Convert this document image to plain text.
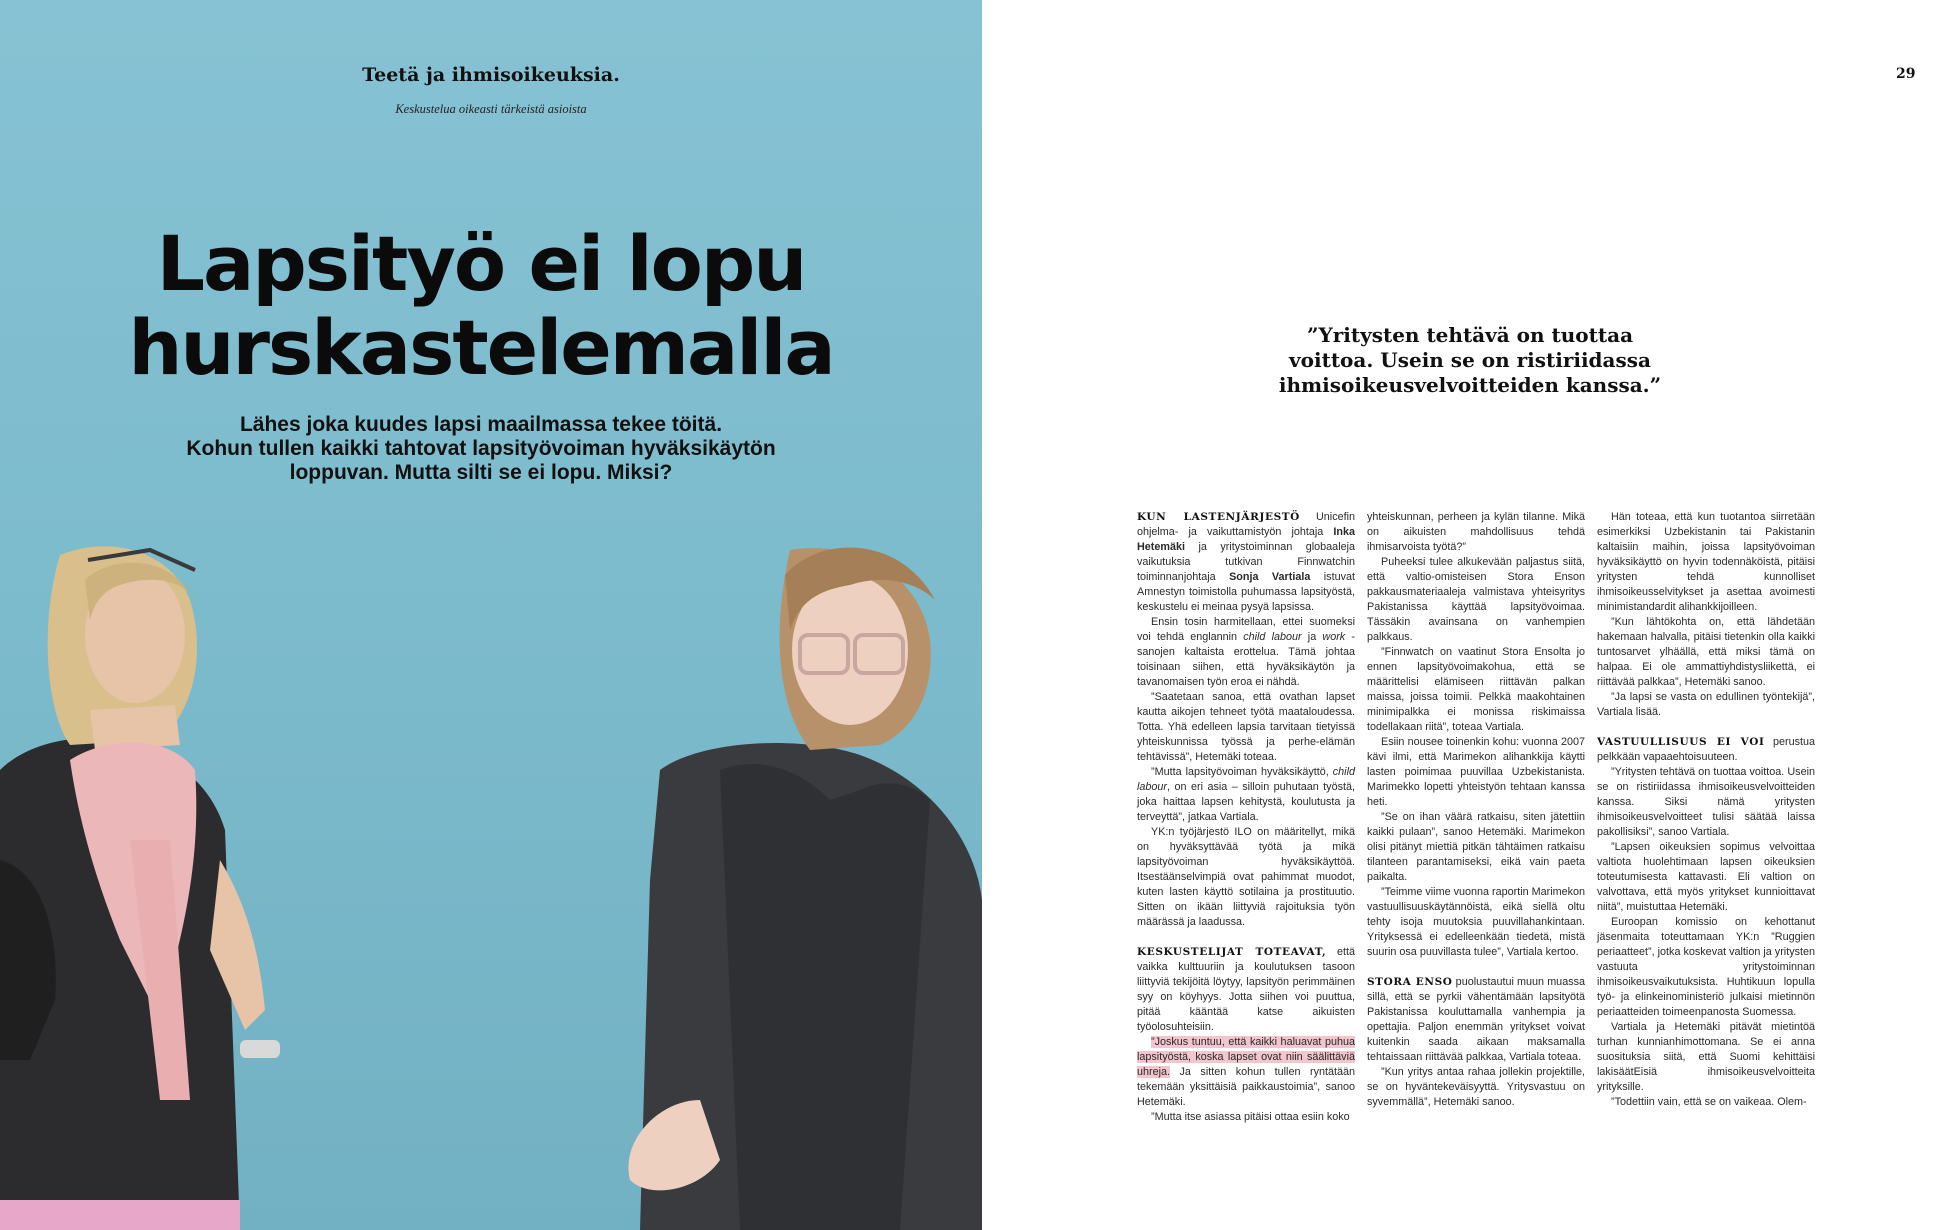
Teetä ja ihmisoikeuksia.
Keskustelua oikeasti tärkeistä asioista
Lapsityö ei lopu
hurskastelemalla
Lähes joka kuudes lapsi maailmassa tekee töitä.
Kohun tullen kaikki tahtovat lapsityövoiman hyväksikäytön
loppuvan. Mutta silti se ei lopu. Miksi?
29
”Yritysten tehtävä on tuottaa
voittoa. Usein se on ristiriidassa
ihmisoikeusvelvoitteiden kanssa.”

KUN LASTENJÄRJESTÖ Unicefin ohjelma- ja vaikuttamistyön johtaja Inka Hetemäki ja yritystoiminnan globaaleja vaikutuksia tutkivan Finnwatchin toiminnanjohtaja Sonja Vartiala istuvat Amnestyn toimistolla puhumassa lapsityöstä, keskustelu ei meinaa pysyä lapsissa.

Ensin tosin harmitellaan, ettei suomeksi voi tehdä englannin child labour ja work -sanojen kaltaista erottelua. Tämä johtaa toisinaan siihen, että hyväksikäytön ja tavanomaisen työn eroa ei nähdä.

”Saatetaan sanoa, että ovathan lapset kautta aikojen tehneet työtä maataloudessa. Totta. Yhä edelleen lapsia tarvitaan tietyissä yhteiskunnissa työssä ja perhe-elämän tehtävissä”, Hetemäki toteaa.

”Mutta lapsityövoiman hyväksikäyttö, child labour, on eri asia – silloin puhutaan työstä, joka haittaa lapsen kehitystä, koulutusta ja terveyttä”, jatkaa Vartiala.

YK:n työjärjestö ILO on määritellyt, mikä on hyväksyttävää työtä ja mikä lapsityövoiman hyväksikäyttöä. Itsestäänselvimpiä ovat pahimmat muodot, kuten lasten käyttö sotilaina ja prostituutio. Sitten on ikään liittyviä rajoituksia työn määrässä ja laadussa.

KESKUSTELIJAT TOTEAVAT, että vaikka kulttuuriin ja koulutuksen tasoon liittyviä tekijöitä löytyy, lapsityön perimmäinen syy on köyhyys. Jotta siihen voi puuttua, pitää kääntää katse aikuisten työolosuhteisiin.

”Joskus tuntuu, että kaikki haluavat puhua lapsityöstä, koska lapset ovat niin säälittäviä uhreja. Ja sitten kohun tullen ryntätään tekemään yksittäisiä paikkaustoimia”, sanoo Hetemäki.

”Mutta itse asiassa pitäisi ottaa esiin koko

yhteiskunnan, perheen ja kylän tilanne. Mikä on aikuisten mahdollisuus tehdä ihmisarvoista työtä?”

Puheeksi tulee alkukevään paljastus siitä, että valtio-omisteisen Stora Enson pakkausmateriaaleja valmistava yhteisyritys Pakistanissa käyttää lapsityövoimaa. Tässäkin avainsana on vanhempien palkkaus.

”Finnwatch on vaatinut Stora Ensolta jo ennen lapsityövoimakohua, että se määrittelisi elämiseen riittävän palkan maissa, joissa toimii. Pelkkä maakohtainen minimipalkka ei monissa riskimaissa todellakaan riitä”, toteaa Vartiala.

Esiin nousee toinenkin kohu: vuonna 2007 kävi ilmi, että Marimekon alihankkija käytti lasten poimimaa puuvillaa Uzbekistanista. Marimekko lopetti yhteistyön tehtaan kanssa heti.

”Se on ihan väärä ratkaisu, siten jätettiin kaikki pulaan”, sanoo Hetemäki. Marimekon olisi pitänyt miettiä pitkän tähtäimen ratkaisu tilanteen parantamiseksi, eikä vain paeta paikalta.

”Teimme viime vuonna raportin Marimekon vastuullisuuskäytännöistä, eikä siellä oltu tehty isoja muutoksia puuvillahankintaan. Yrityksessä ei edelleenkään tiedetä, mistä suurin osa puuvillasta tulee”, Vartiala kertoo.

STORA ENSO puolustautui muun muassa sillä, että se pyrkii vähentämään lapsityötä Pakistanissa kouluttamalla vanhempia ja opettajia. Paljon enemmän yritykset voivat kuitenkin saada aikaan maksamalla tehtaissaan riittävää palkkaa, Vartiala toteaa.

”Kun yritys antaa rahaa jollekin projektille, se on hyväntekeväisyyttä. Yritysvastuu on syvemmällä”, Hetemäki sanoo.

Hän toteaa, että kun tuotantoa siirretään esimerkiksi Uzbekistanin tai Pakistanin kaltaisiin maihin, joissa lapsityövoiman hyväksikäyttö on hyvin todennäköistä, pitäisi yritysten tehdä kunnolliset ihmisoikeusselvitykset ja asettaa avoimesti minimistandardit alihankkijoilleen.

”Kun lähtökohta on, että lähdetään hakemaan halvalla, pitäisi tietenkin olla kaikki tuntosarvet ylhäällä, että miksi tämä on halpaa. Ei ole ammattiyhdistysliikettä, ei riittävää palkkaa”, Hetemäki sanoo.

”Ja lapsi se vasta on edullinen työntekijä”, Vartiala lisää.

VASTUULLISUUS EI VOI perustua pelkkään vapaaehtoisuuteen.

”Yritysten tehtävä on tuottaa voittoa. Usein se on ristiriidassa ihmisoikeusvelvoitteiden kanssa. Siksi nämä yritysten ihmisoikeusvelvoitteet tulisi säätää laissa pakollisiksi”, sanoo Vartiala.

”Lapsen oikeuksien sopimus velvoittaa valtiota huolehtimaan lapsen oikeuksien toteutumisesta kattavasti. Eli valtion on valvottava, että myös yritykset kunnioittavat niitä”, muistuttaa Hetemäki.

Euroopan komissio on kehottanut jäsenmaita toteuttamaan YK:n ”Ruggien periaatteet”, jotka koskevat valtion ja yritysten vastuuta yritystoiminnan ihmisoikeusvaikutuksista. Huhtikuun lopulla työ- ja elinkeinoministeriö julkaisi mietinnön periaatteiden toimeenpanosta Suomessa.

Vartiala ja Hetemäki pitävät mietintöä turhan kunnianhimottomana. Se ei anna suosituksia siitä, että Suomi kehittäisi lakisäätEisiä ihmisoikeusvelvoitteita yrityksille.

”Todettiin vain, että se on vaikeaa. Olem-
